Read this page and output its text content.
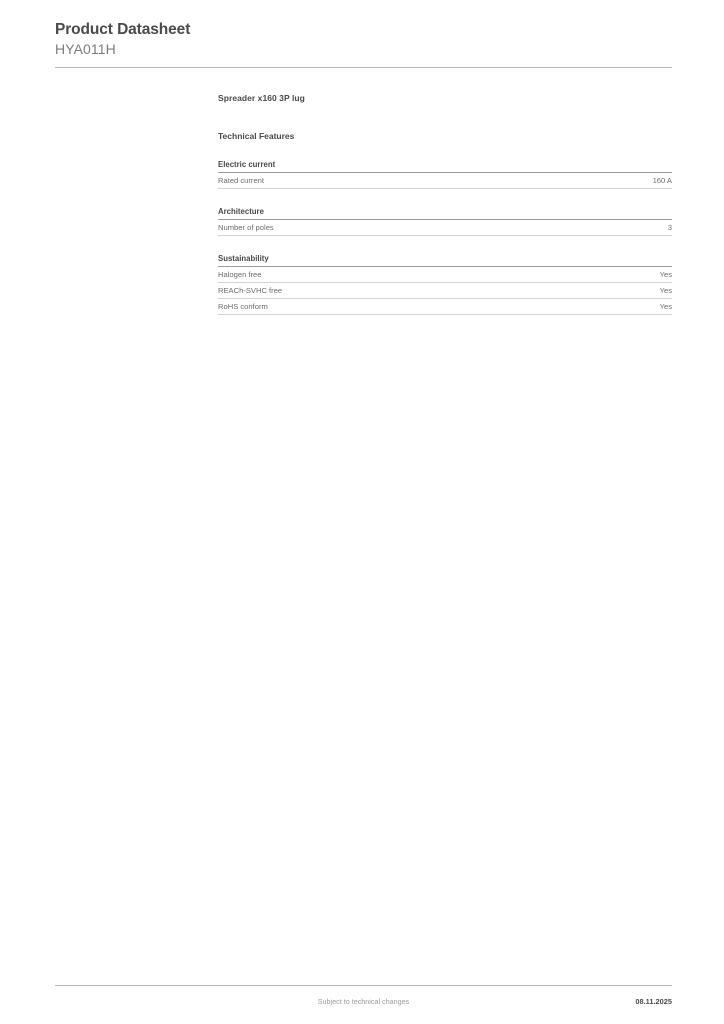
Product Datasheet
HYA011H
Spreader x160 3P lug
Technical Features
Electric current
Rated current	160 A
Architecture
Number of poles	3
Sustainability
Halogen free	Yes
REACh-SVHC free	Yes
RoHS conform	Yes
Subject to technical changes	08.11.2025
